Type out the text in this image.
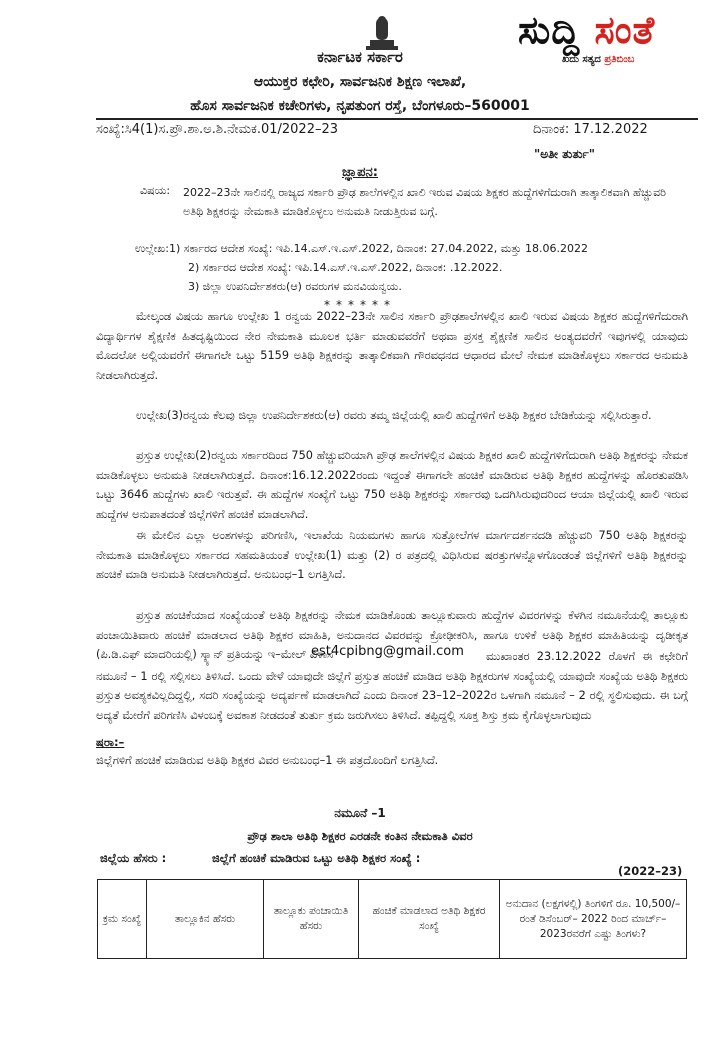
ಸುದ್ದಿ ಸಂತೆ
ಖದು ಸತ್ಯದ ಪ್ರತಿಬಿಂಬ
ಕರ್ನಾಟಕ ಸರ್ಕಾರ
ಆಯುಕ್ತರ ಕಛೇರಿ, ಸಾರ್ವಜನಿಕ ಶಿಕ್ಷಣ ಇಲಾಖೆ,
ಹೊಸ ಸಾರ್ವಜನಿಕ ಕಚೇರಿಗಳು, ನೃಪತುಂಗ ರಸ್ತೆ, ಬೆಂಗಳೂರು–560001
ಸಂಖ್ಯೆ:ಸಿ4(1)ಸ.ಪ್ರೌ.ಶಾ.ಅ.ಶಿ.ನೇಮಕ.01/2022–23	ದಿನಾಂಕ: 17.12.2022
"ಅತೀ ತುರ್ತು"
ಜ್ಞಾಪನ:
ವಿಷಯ: 2022–23ನೇ ಸಾಲಿನಲ್ಲಿ ರಾಜ್ಯದ ಸರ್ಕಾರಿ ಪ್ರೌಢ ಶಾಲೆಗಳಲ್ಲಿನ ಖಾಲಿ ಇರುವ ವಿಷಯ ಶಿಕ್ಷಕರ ಹುದ್ದೆಗಳಿಗೆದುರಾಗಿ ತಾತ್ಕಾಲಿಕವಾಗಿ ಹೆಚ್ಚುವರಿ ಅತಿಥಿ ಶಿಕ್ಷಕರನ್ನು ನೇಮಕಾತಿ ಮಾಡಿಕೊಳ್ಳಲು ಅನುಮತಿ ನೀಡುತ್ತಿರುವ ಬಗ್ಗೆ.
ಉಲ್ಲೇಖ:1) ಸರ್ಕಾರದ ಆದೇಶ ಸಂಖ್ಯೆ: ಇಪಿ.14.ಎಸ್.ಇ.ಎಸ್.2022, ದಿನಾಂಕ: 27.04.2022, ಮತ್ತು 18.06.2022
2) ಸರ್ಕಾರದ ಆದೇಶ ಸಂಖ್ಯೆ: ಇಪಿ.14.ಎಸ್.ಇ.ಎಸ್.2022, ದಿನಾಂಕ: .12.2022.
3) ಜಿಲ್ಲಾ ಉಪನಿರ್ದೇಶಕರು(ಆ) ರವರುಗಳ ಮನವಿಯನ್ವಯ.
******

ಮೇಲ್ಕಂಡ ವಿಷಯ ಹಾಗೂ ಉಲ್ಲೇಖ 1 ರನ್ವಯ 2022–23ನೇ ಸಾಲಿನ ಸರ್ಕಾರಿ ಪ್ರೌಢಶಾಲೆಗಳಲ್ಲಿನ ಖಾಲಿ ಇರುವ ವಿಷಯ ಶಿಕ್ಷಕರ ಹುದ್ದೆಗಳಿಗೆದುರಾಗಿ ವಿದ್ಯಾರ್ಥಿಗಳ ಶೈಕ್ಷಣಿಕ ಹಿತದೃಷ್ಟಿಯಿಂದ ನೇರ ನೇಮಕಾತಿ ಮೂಲಕ ಭರ್ತಿ ಮಾಡುವವರೆಗೆ ಅಥವಾ ಪ್ರಸಕ್ತ ಶೈಕ್ಷಣಿಕ ಸಾಲಿನ ಅಂತ್ಯದವರೆಗೆ ಇವುಗಳಲ್ಲಿ ಯಾವುದು ಮೊದಲೋ ಅಲ್ಲಿಯವರೆಗೆ ಈಗಾಗಲೇ ಒಟ್ಟು 5159 ಅತಿಥಿ ಶಿಕ್ಷಕರನ್ನು ತಾತ್ಕಾಲಿಕವಾಗಿ ಗೌರವಧನದ ಆಧಾರದ ಮೇಲೆ ನೇಮಕ ಮಾಡಿಕೊಳ್ಳಲು ಸರ್ಕಾರದ ಅನುಮತಿ ನೀಡಲಾಗಿರುತ್ತದೆ.

ಉಲ್ಲೇಖ(3)ರನ್ವಯ ಕೆಲವು ಜಿಲ್ಲಾ ಉಪನಿರ್ದೇಶಕರು(ಆ) ರವರು ತಮ್ಮ ಜಿಲ್ಲೆಯಲ್ಲಿ ಖಾಲಿ ಹುದ್ದೆಗಳಿಗೆ ಅತಿಥಿ ಶಿಕ್ಷಕರ ಬೇಡಿಕೆಯನ್ನು ಸಲ್ಲಿಸಿರುತ್ತಾರೆ.

ಪ್ರಸ್ತುತ ಉಲ್ಲೇಖ(2)ರನ್ವಯ ಸರ್ಕಾರದಿಂದ 750 ಹೆಚ್ಚುವರಿಯಾಗಿ ಪ್ರೌಢ ಶಾಲೆಗಳಲ್ಲಿನ ವಿಷಯ ಶಿಕ್ಷಕರ ಖಾಲಿ ಹುದ್ದೆಗಳಿಗೆದುರಾಗಿ ಅತಿಥಿ ಶಿಕ್ಷಕರನ್ನು ನೇಮಕ ಮಾಡಿಕೊಳ್ಳಲು ಅನುಮತಿ ನೀಡಲಾಗಿರುತ್ತದೆ. ದಿನಾಂಕ:16.12.2022ರಂದು ಇದ್ದಂತೆ ಈಗಾಗಲೇ ಹಂಚಿಕೆ ಮಾಡಿರುವ ಅತಿಥಿ ಶಿಕ್ಷಕರ ಹುದ್ದೆಗಳನ್ನು ಹೊರತುಪಡಿಸಿ ಒಟ್ಟು 3646 ಹುದ್ದೆಗಳು ಖಾಲಿ ಇರುತ್ತವೆ. ಈ ಹುದ್ದೆಗಳ ಸಂಖ್ಯೆಗೆ ಒಟ್ಟು 750 ಅತಿಥಿ ಶಿಕ್ಷಕರನ್ನು ಸರ್ಕಾರವು ಒದಗಿಸಿರುವುದರಿಂದ ಆಯಾ ಜಿಲ್ಲೆಯಲ್ಲಿ ಖಾಲಿ ಇರುವ ಹುದ್ದೆಗಳ ಅನುಪಾತದಂತೆ ಜಿಲ್ಲೆಗಳಿಗೆ ಹಂಚಿಕೆ ಮಾಡಲಾಗಿದೆ.

ಈ ಮೇಲಿನ ಎಲ್ಲಾ ಅಂಶಗಳನ್ನು ಪರಿಗಣಿಸಿ, ಇಲಾಖೆಯ ನಿಯಮಗಳು ಹಾಗೂ ಸುತ್ತೋಲೆಗಳ ಮಾರ್ಗದರ್ಶನದಡಿ ಹೆಚ್ಚುವರಿ 750 ಅತಿಥಿ ಶಿಕ್ಷಕರನ್ನು ನೇಮಕಾತಿ ಮಾಡಿಕೊಳ್ಳಲು ಸರ್ಕಾರದ ಸಹಮತಿಯಂತೆ ಉಲ್ಲೇಖ(1) ಮತ್ತು (2) ರ ಪತ್ರದಲ್ಲಿ ವಿಧಿಸಿರುವ ಷರತ್ತುಗಳನ್ನೊಳಗೊಂಡಂತೆ ಜಿಲ್ಲೆಗಳಿಗೆ ಅತಿಥಿ ಶಿಕ್ಷಕರನ್ನು ಹಂಚಿಕೆ ಮಾಡಿ ಅನುಮತಿ ನೀಡಲಾಗಿರುತ್ತದೆ. ಅನುಬಂಧ–1 ಲಗತ್ತಿಸಿದೆ.

ಪ್ರಸ್ತುತ ಹಂಚಿಕೆಯಾದ ಸಂಖ್ಯೆಯಂತೆ ಅತಿಥಿ ಶಿಕ್ಷಕರನ್ನು ನೇಮಕ ಮಾಡಿಕೊಂಡು ತಾಲ್ಲೂಕುವಾರು ಹುದ್ದೆಗಳ ವಿವರಗಳನ್ನು ಕೆಳಗಿನ ನಮೂನೆಯಲ್ಲಿ ತಾಲ್ಲೂಕು ಪಂಚಾಯಿತಿವಾರು ಹಂಚಿಕೆ ಮಾಡಲಾದ ಅತಿಥಿ ಶಿಕ್ಷಕರ ಮಾಹಿತಿ, ಅನುದಾನದ ವಿವರವನ್ನು ಕ್ರೋಢೀಕರಿಸಿ, ಹಾಗೂ ಉಳಿಕೆ ಅತಿಥಿ ಶಿಕ್ಷಕರ ಮಾಹಿತಿಯನ್ನು ದೃಡೀಕೃತ (ಪಿ.ಡಿ.ಎಫ್ ಮಾದರಿಯಲ್ಲಿ) ಸ್ಕ್ಯಾನ್ ಪ್ರತಿಯನ್ನು ಇ–ಮೇಲ್ ವಿಳಾಸ

est4cpibng@gmail.com	ಮುಖಾಂತರ 23.12.2022 ರೊಳಗೆ ಈ ಕಛೇರಿಗೆ ನಮೂನೆ – 1 ರಲ್ಲಿ ಸಲ್ಲಿಸಲು ತಿಳಿಸಿದೆ. ಒಂದು ವೇಳೆ ಯಾವುದೇ ಜಿಲ್ಲೆಗೆ ಪ್ರಸ್ತುತ ಹಂಚಿಕೆ ಮಾಡಿದ ಅತಿಥಿ ಶಿಕ್ಷಕರುಗಳ ಸಂಖ್ಯೆಯಲ್ಲಿ ಯಾವುದೇ ಸಂಖ್ಯೆಯ ಅತಿಥಿ ಶಿಕ್ಷಕರು ಪ್ರಸ್ತುತ ಅವಶ್ಯಕವಿಲ್ಲದಿದ್ದಲ್ಲಿ, ಸದರಿ ಸಂಖ್ಯೆಯನ್ನು ಅದ್ಯರ್ಪಣೆ ಮಾಡಲಾಗಿದೆ ಎಂದು ದಿನಾಂಕ 23–12–2022ರ ಒಳಗಾಗಿ ನಮೂನೆ – 2 ರಲ್ಲಿ ಸ್ಥಲಿಸುವುದು. ಈ ಬಗ್ಗೆ ಅದ್ಯತೆ ಮೇರೆಗೆ ಪರಿಗಣಿಸಿ ವಿಳಂಬಕ್ಕೆ ಅವಕಾಶ ನೀಡದಂತೆ ತುರ್ತು ಕ್ರಮ ಜರುಗಿಸಲು ತಿಳಿಸಿದೆ. ತಪ್ಪಿದ್ದಲ್ಲಿ ಸೂಕ್ತ ಶಿಸ್ತು ಕ್ರಮ ಕೈಗೊಳ್ಳಲಾಗುವುದು

ಷರಾ:–
ಜಿಲ್ಲೆಗಳಿಗೆ ಹಂಚಿಕೆ ಮಾಡಿರುವ ಅತಿಥಿ ಶಿಕ್ಷಕರ ವಿವರ ಅನುಬಂಧ–1 ಈ ಪತ್ರದೊಂದಿಗೆ ಲಗತ್ತಿಸಿದೆ.
ನಮೂನೆ –1
ಪ್ರೌಢ ಶಾಲಾ ಅತಿಥಿ ಶಿಕ್ಷಕರ ಎರಡನೇ ಕಂತಿನ ನೇಮಕಾತಿ ವಿವರ
ಜಿಲ್ಲೆಯ ಹೆಸರು :	ಜಿಲ್ಲೆಗೆ ಹಂಚಿಕೆ ಮಾಡಿರುವ ಒಟ್ಟು ಅತಿಥಿ ಶಿಕ್ಷಕರ ಸಂಖ್ಯೆ :
(2022–23)
ಕ್ರಮ ಸಂಖ್ಯೆ	ತಾಲ್ಲೂಕಿನ ಹೆಸರು	ತಾಲ್ಲೂಕು ಪಂಚಾಯಿತಿ ಹೆಸರು	ಹಂಚಿಕೆ ಮಾಡಲಾದ ಅತಿಥಿ ಶಿಕ್ಷಕರ ಸಂಖ್ಯೆ	ಅನುದಾನ (ಲಕ್ಷಗಳಲ್ಲಿ) ತಿಂಗಳಿಗೆ ರೂ. 10,500/–ರಂತೆ ಡಿಸೆಂಬರ್– 2022 ರಿಂದ ಮಾರ್ಚ್–2023ರವರೆಗೆ ಎಷ್ಟು ತಿಂಗಳು?
